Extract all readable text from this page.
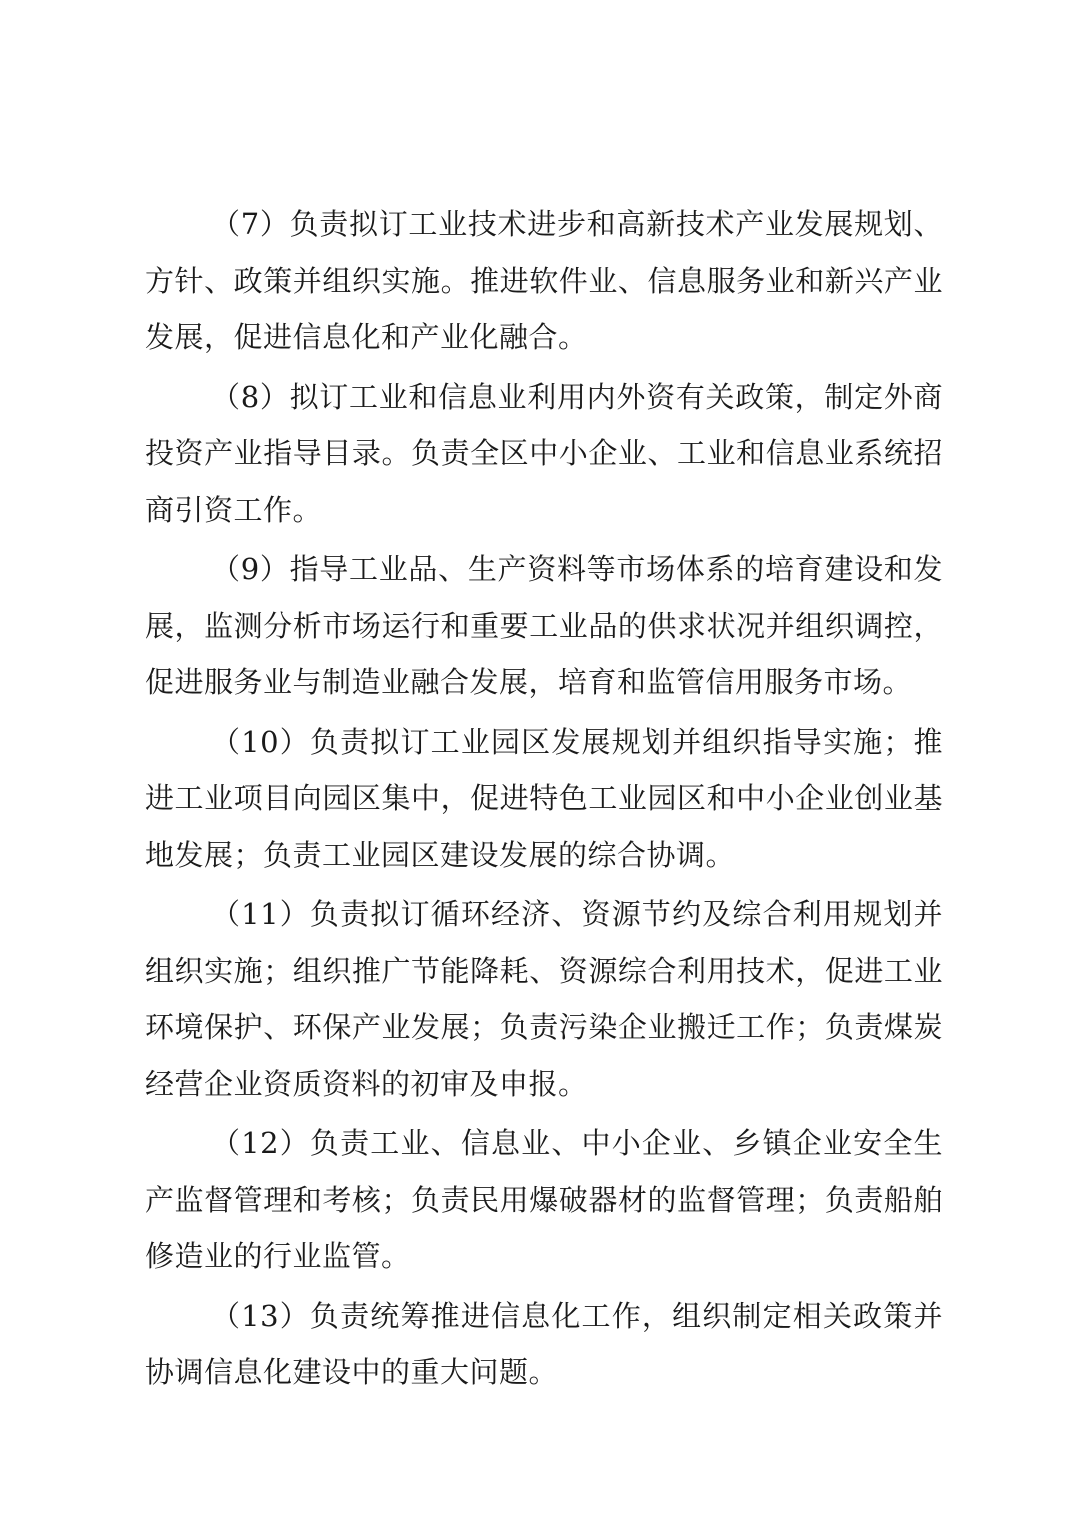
（7）负责拟订工业技术进步和高新技术产业发展规划、方针、政策并组织实施。推进软件业、信息服务业和新兴产业发展，促进信息化和产业化融合。

（8）拟订工业和信息业利用内外资有关政策，制定外商投资产业指导目录。负责全区中小企业、工业和信息业系统招商引资工作。

（9）指导工业品、生产资料等市场体系的培育建设和发展，监测分析市场运行和重要工业品的供求状况并组织调控，促进服务业与制造业融合发展，培育和监管信用服务市场。

（10）负责拟订工业园区发展规划并组织指导实施；推进工业项目向园区集中，促进特色工业园区和中小企业创业基地发展；负责工业园区建设发展的综合协调。

（11）负责拟订循环经济、资源节约及综合利用规划并组织实施；组织推广节能降耗、资源综合利用技术，促进工业环境保护、环保产业发展；负责污染企业搬迁工作；负责煤炭经营企业资质资料的初审及申报。

（12）负责工业、信息业、中小企业、乡镇企业安全生产监督管理和考核；负责民用爆破器材的监督管理；负责船舶修造业的行业监管。

（13）负责统筹推进信息化工作，组织制定相关政策并协调信息化建设中的重大问题。
